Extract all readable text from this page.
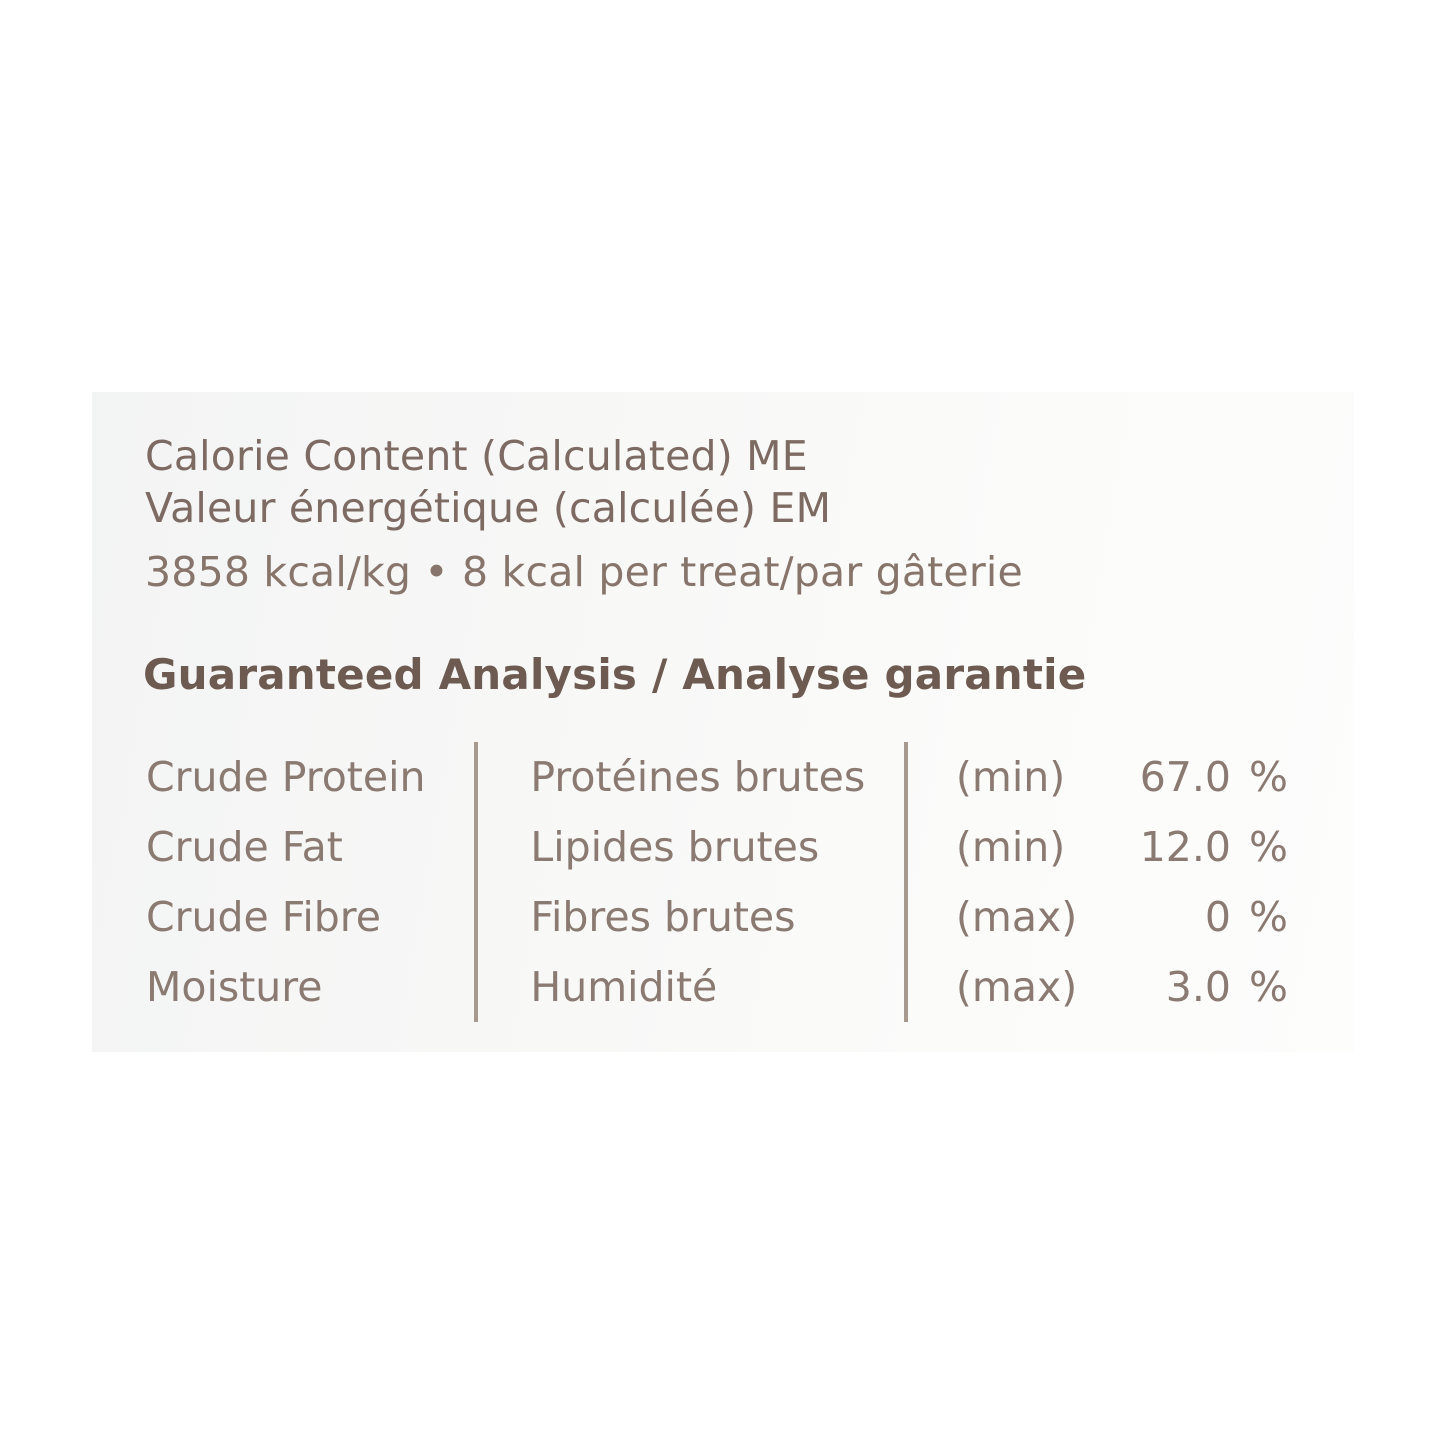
Calorie Content (Calculated) ME
Valeur énergétique (calculée) EM
3858 kcal/kg • 8 kcal per treat/par gâterie
Guaranteed Analysis / Analyse garantie
Crude Protein	Protéines brutes	(min)	67.0 %
Crude Fat	Lipides brutes	(min)	12.0 %
Crude Fibre	Fibres brutes	(max)	0 %
Moisture	Humidité	(max)	3.0 %
